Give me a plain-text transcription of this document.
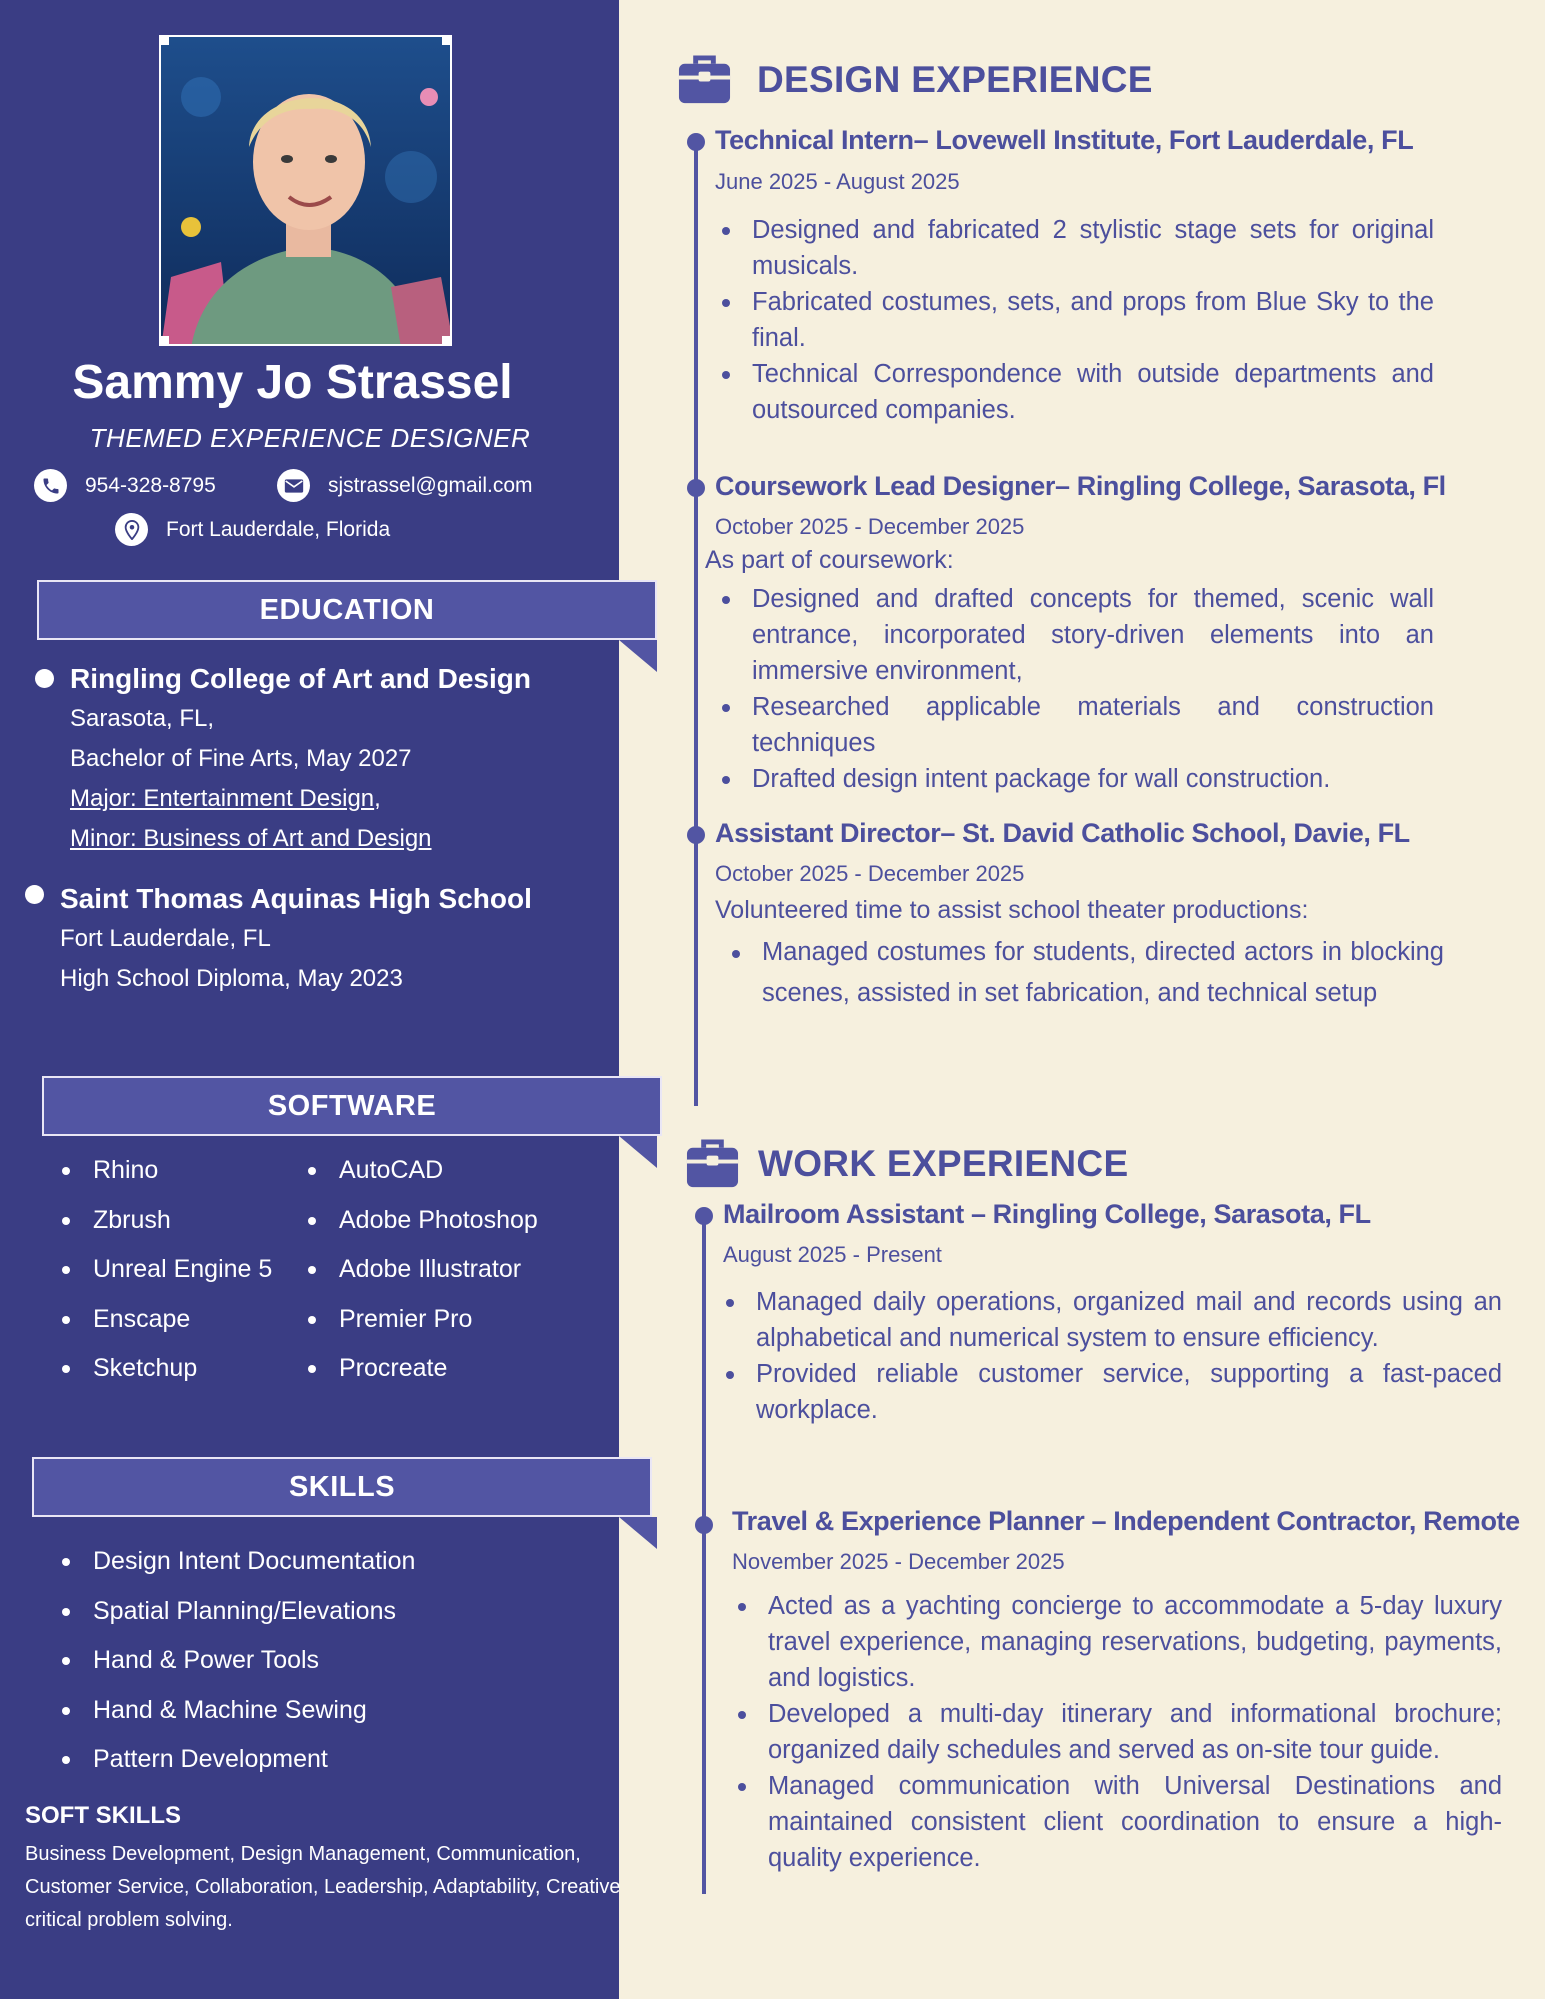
Sammy Jo Strassel
THEMED EXPERIENCE DESIGNER
954-328-8795	sjstrassel@gmail.com
Fort Lauderdale, Florida
EDUCATION
Ringling College of Art and Design
Sarasota, FL,
Bachelor of Fine Arts, May 2027
Major: Entertainment Design,
Minor: Business of Art and Design
Saint Thomas Aquinas High School
Fort Lauderdale, FL
High School Diploma, May 2023
SOFTWARE
Rhino
Zbrush
Unreal Engine 5
Enscape
Sketchup
AutoCAD
Adobe Photoshop
Adobe Illustrator
Premier Pro
Procreate
SKILLS
Design Intent Documentation
Spatial Planning/Elevations
Hand & Power Tools
Hand & Machine Sewing
Pattern Development
SOFT SKILLS
Business Development, Design Management, Communication, Customer Service, Collaboration, Leadership, Adaptability, Creative critical problem solving.
DESIGN EXPERIENCE
Technical Intern– Lovewell Institute, Fort Lauderdale, FL
June 2025 - August 2025
Designed and fabricated 2 stylistic stage sets for original musicals.
Fabricated costumes, sets, and props from Blue Sky to the final.
Technical Correspondence with outside departments and outsourced companies.
Coursework Lead Designer– Ringling College, Sarasota, Fl
October 2025 - December 2025
As part of coursework:
Designed and drafted concepts for themed, scenic wall entrance, incorporated story-driven elements into an immersive environment,
Researched applicable materials and construction techniques
Drafted design intent package for wall construction.
Assistant Director– St. David Catholic School, Davie, FL
October 2025 - December 2025
Volunteered time to assist school theater productions:
Managed costumes for students, directed actors in blocking scenes, assisted in set fabrication, and technical setup
WORK EXPERIENCE
Mailroom Assistant – Ringling College, Sarasota, FL
August 2025 - Present
Managed daily operations, organized mail and records using an alphabetical and numerical system to ensure efficiency.
Provided reliable customer service, supporting a fast-paced workplace.
Travel & Experience Planner – Independent Contractor, Remote
November 2025 - December 2025
Acted as a yachting concierge to accommodate a 5-day luxury travel experience, managing reservations, budgeting, payments, and logistics.
Developed a multi-day itinerary and informational brochure; organized daily schedules and served as on-site tour guide.
Managed communication with Universal Destinations and maintained consistent client coordination to ensure a high- quality experience.
